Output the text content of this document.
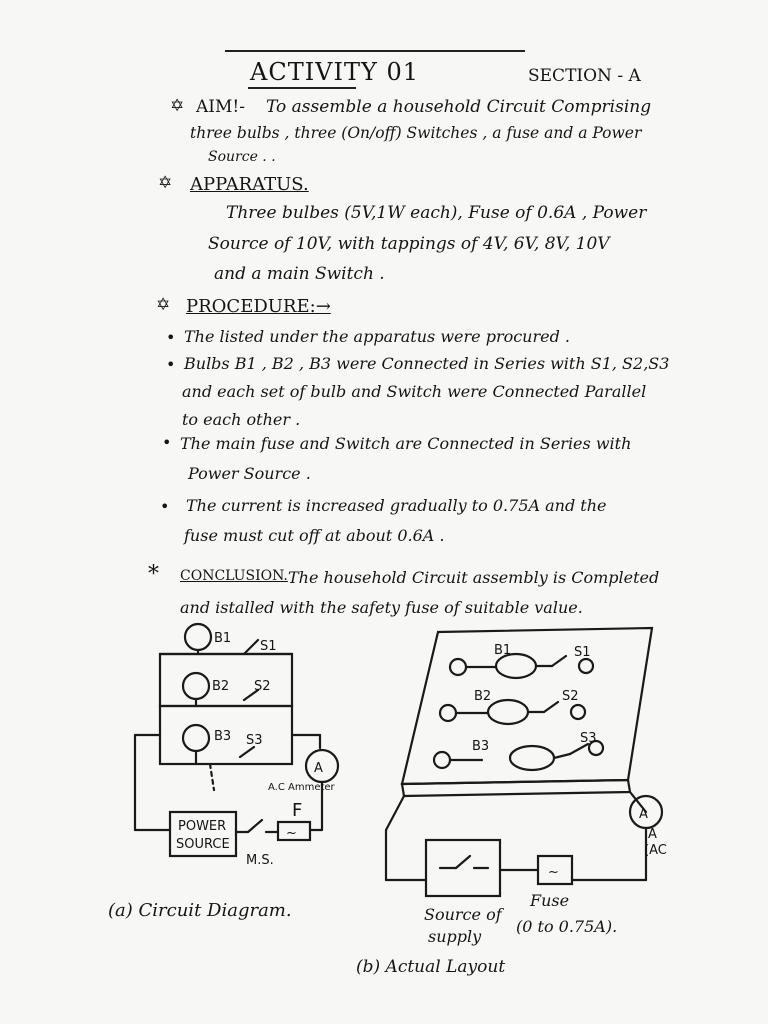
ACTIVITY 01	SECTION - A
✡ AIM!- To assemble a household Circuit Comprising
three bulbs , three (On/off) Switches , a fuse and a Power
Source . .
✡ APPARATUS.
Three bulbes (5V,1W each), Fuse of 0.6A , Power
Source of 10V, with tappings of 4V, 6V, 8V, 10V
and a main Switch .
✡ PROCEDURE:→
• The listed under the apparatus were procured .
• Bulbs B1 , B2 , B3 were Connected in Series with S1, S2,S3
and each set of bulb and Switch were Connected Parallel
to each other .
• The main fuse and Switch are Connected in Series with
Power Source .
• The current is increased gradually to 0.75A and the
fuse must cut off at about 0.6A .
* CONCLUSION. The household Circuit assembly is Completed
and istalled with the safety fuse of suitable value.
A
~
~
A
B1
B2
B3
S1
S2
S3
A.C Ammeter
POWER
SOURCE
M.S.
F
(a) Circuit Diagram.
B1
B2
B3
S1
S2
S3
A
(AC
Source of
supply
Fuse
(0 to 0.75A).
(b) Actual Layout
